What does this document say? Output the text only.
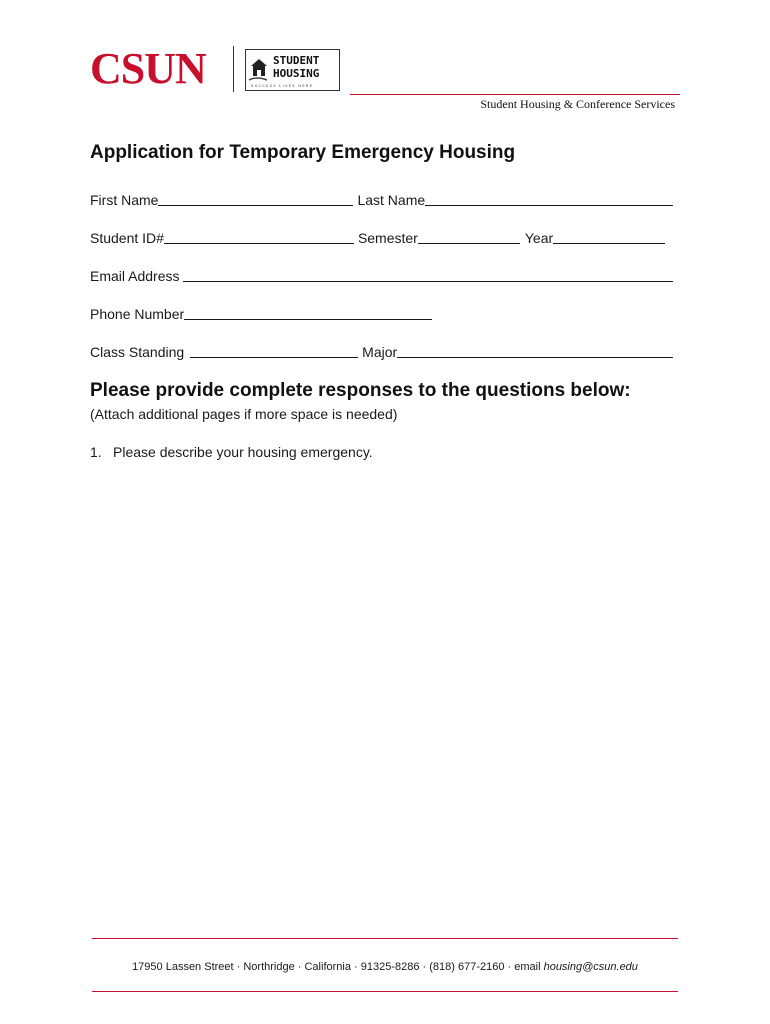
CSUN	STUDENT
HOUSING
SUCCESS LIVES HERE
Student Housing & Conference Services
Application for Temporary Emergency Housing
First Name	Last Name
Student ID#	Semester	Year
Email Address
Phone Number
Class Standing	Major
Please provide complete responses to the questions below:
(Attach additional pages if more space is needed)
1. Please describe your housing emergency.
17950 Lassen Street · Northridge · California · 91325-8286 · (818) 677-2160 · email housing@csun.edu
